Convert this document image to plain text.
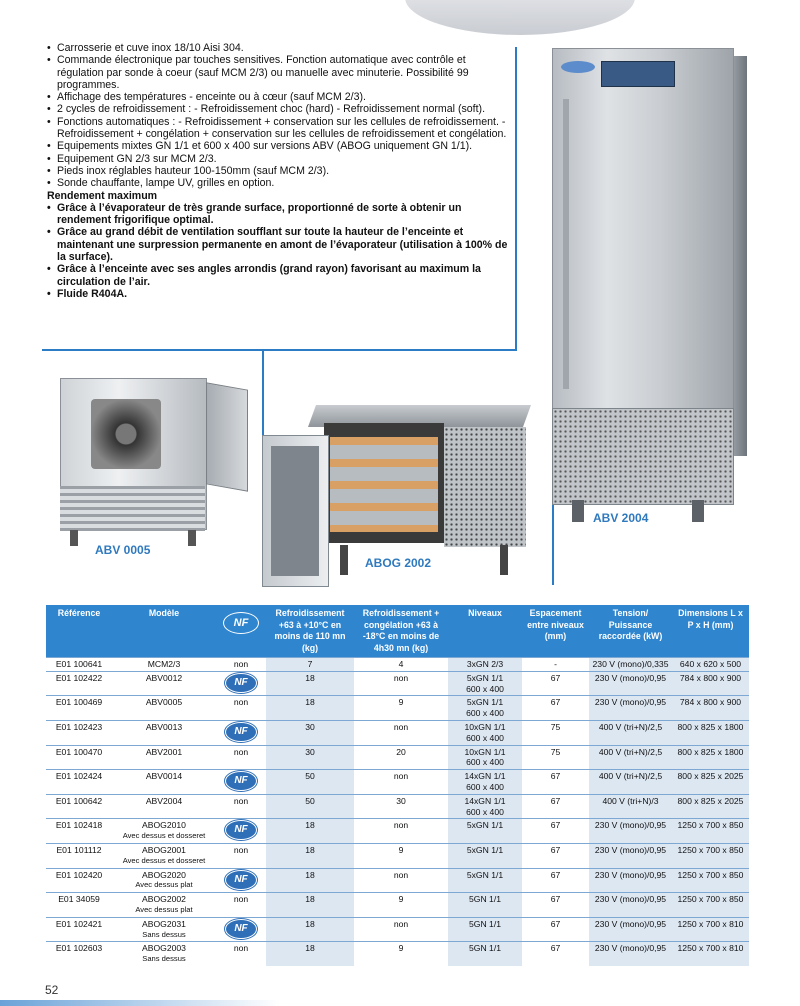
• Carrosserie et cuve inox 18/10 Aisi 304.
• Commande électronique par touches sensitives. Fonction automatique avec contrôle et régulation par sonde à coeur (sauf MCM 2/3) ou manuelle avec minuterie. Possibilité 99 programmes.
• Affichage des températures - enceinte ou à cœur (sauf MCM 2/3).
• 2 cycles de refroidissement : - Refroidissement choc (hard) - Refroidissement normal (soft).
• Fonctions automatiques : - Refroidissement + conservation sur les cellules de refroidissement. - Refroidissement + congélation + conservation sur les cellules de refroidissement et congélation.
• Equipements mixtes GN 1/1 et 600 x 400 sur versions ABV (ABOG uniquement GN 1/1).
• Equipement GN 2/3 sur MCM 2/3.
• Pieds inox réglables hauteur 100-150mm (sauf MCM 2/3).
• Sonde chauffante, lampe UV, grilles en option.
Rendement maximum
• Grâce à l’évaporateur de très grande surface, proportionné de sorte à obtenir un rendement frigorifique optimal.
• Grâce au grand débit de ventilation soufflant sur toute la hauteur de l’enceinte et maintenant une surpression permanente en amont de l’évaporateur (utilisation à 100% de la surface).
• Grâce à l’enceinte avec ses angles arrondis (grand rayon) favorisant au maximum la circulation de l’air.
• Fluide R404A.
ABV 0005
ABOG 2002
ABV 2004
Référence	Modèle	NF	Refroidissement +63 à +10°C en moins de 110 mn (kg)	Refroidissement + congélation +63 à -18°C en moins de 4h30 mn (kg)	Niveaux	Espacement entre niveaux (mm)	Tension/ Puissance raccordée (kW)	Dimensions L x P x H (mm)
E01 100641	MCM2/3	non	7	4	3xGN 2/3	-	230 V (mono)/0,335	640 x 620 x 500
E01 102422	ABV0012	NF	18	non	5xGN 1/1
600 x 400	67	230 V (mono)/0,95	784 x 800 x 900
E01 100469	ABV0005	non	18	9	5xGN 1/1
600 x 400	67	230 V (mono)/0,95	784 x 800 x 900
E01 102423	ABV0013	NF	30	non	10xGN 1/1
600 x 400	75	400 V (tri+N)/2,5	800 x 825 x 1800
E01 100470	ABV2001	non	30	20	10xGN 1/1
600 x 400	75	400 V (tri+N)/2,5	800 x 825 x 1800
E01 102424	ABV0014	NF	50	non	14xGN 1/1
600 x 400	67	400 V (tri+N)/2,5	800 x 825 x 2025
E01 100642	ABV2004	non	50	30	14xGN 1/1
600 x 400	67	400 V (tri+N)/3	800 x 825 x 2025
E01 102418	ABOG2010
Avec dessus et dosseret	NF	18	non	5xGN 1/1	67	230 V (mono)/0,95	1250 x 700 x 850
E01 101112	ABOG2001
Avec dessus et dosseret	non	18	9	5xGN 1/1	67	230 V (mono)/0,95	1250 x 700 x 850
E01 102420	ABOG2020
Avec dessus plat	NF	18	non	5xGN 1/1	67	230 V (mono)/0,95	1250 x 700 x 850
E01 34059	ABOG2002
Avec dessus plat	non	18	9	5GN 1/1	67	230 V (mono)/0,95	1250 x 700 x 850
E01 102421	ABOG2031
Sans dessus	NF	18	non	5GN 1/1	67	230 V (mono)/0,95	1250 x 700 x 810
E01 102603	ABOG2003
Sans dessus	non	18	9	5GN 1/1	67	230 V (mono)/0,95	1250 x 700 x 810
52
